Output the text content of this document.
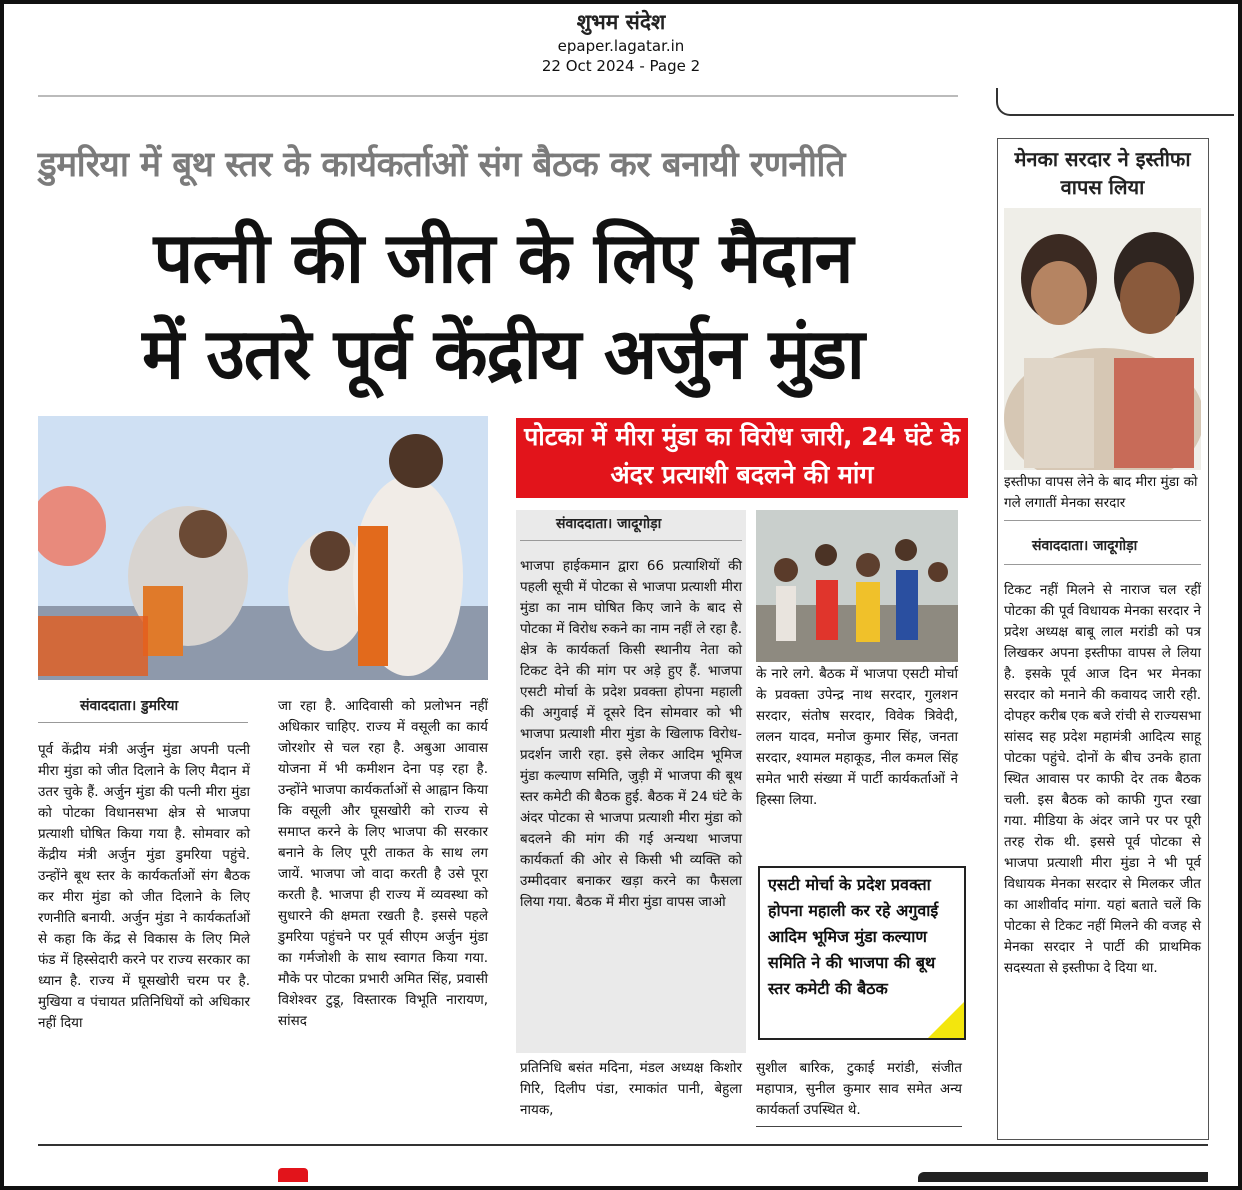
शुभम संदेश
epaper.lagatar.in
22 Oct 2024 - Page 2
डुमरिया में बूथ स्तर के कार्यकर्ताओं संग बैठक कर बनायी रणनीति
पत्नी की जीत के लिए मैदान
में उतरे पूर्व केंद्रीय अर्जुन मुंडा
संवाददाता। डुमरिया
पूर्व केंद्रीय मंत्री अर्जुन मुंडा अपनी पत्नी मीरा मुंडा को जीत दिलाने के लिए मैदान में उतर चुके हैं. अर्जुन मुंडा की पत्नी मीरा मुंडा को पोटका विधानसभा क्षेत्र से भाजपा प्रत्याशी घोषित किया गया है. सोमवार को केंद्रीय मंत्री अर्जुन मुंडा डुमरिया पहुंचे. उन्होंने बूथ स्तर के कार्यकर्ताओं संग बैठक कर मीरा मुंडा को जीत दिलाने के लिए रणनीति बनायी. अर्जुन मुंडा ने कार्यकर्ताओं से कहा कि केंद्र से विकास के लिए मिले फंड में हिस्सेदारी करने पर राज्य सरकार का ध्यान है. राज्य में घूसखोरी चरम पर है. मुखिया व पंचायत प्रतिनिधियों को अधिकार नहीं दिया
जा रहा है. आदिवासी को प्रलोभन नहीं अधिकार चाहिए. राज्य में वसूली का कार्य जोरशोर से चल रहा है. अबुआ आवास योजना में भी कमीशन देना पड़ रहा है. उन्होंने भाजपा कार्यकर्ताओं से आह्वान किया कि वसूली और घूसखोरी को राज्य से समाप्त करने के लिए भाजपा की सरकार बनाने के लिए पूरी ताकत के साथ लग जायें. भाजपा जो वादा करती है उसे पूरा करती है. भाजपा ही राज्य में व्यवस्था को सुधारने की क्षमता रखती है. इससे पहले डुमरिया पहुंचने पर पूर्व सीएम अर्जुन मुंडा का गर्मजोशी के साथ स्वागत किया गया. मौके पर पोटका प्रभारी अमित सिंह, प्रवासी विशेश्वर टुडू, विस्तारक विभूति नारायण, सांसद
पोटका में मीरा मुंडा का विरोध जारी, 24 घंटे के अंदर प्रत्याशी बदलने की मांग
संवाददाता। जादूगोड़ा
भाजपा हाईकमान द्वारा 66 प्रत्याशियों की पहली सूची में पोटका से भाजपा प्रत्याशी मीरा मुंडा का नाम घोषित किए जाने के बाद से पोटका में विरोध रुकने का नाम नहीं ले रहा है. क्षेत्र के कार्यकर्ता किसी स्थानीय नेता को टिकट देने की मांग पर अड़े हुए हैं. भाजपा एसटी मोर्चा के प्रदेश प्रवक्ता होपना महाली की अगुवाई में दूसरे दिन सोमवार को भी भाजपा प्रत्याशी मीरा मुंडा के खिलाफ विरोध-प्रदर्शन जारी रहा. इसे लेकर आदिम भूमिज मुंडा कल्याण समिति, जुड़ी में भाजपा की बूथ स्तर कमेटी की बैठक हुई. बैठक में 24 घंटे के अंदर पोटका से भाजपा प्रत्याशी मीरा मुंडा को बदलने की मांग की गई अन्यथा भाजपा कार्यकर्ता की ओर से किसी भी व्यक्ति को उम्मीदवार बनाकर खड़ा करने का फैसला लिया गया. बैठक में मीरा मुंडा वापस जाओ
के नारे लगे. बैठक में भाजपा एसटी मोर्चा के प्रवक्ता उपेन्द्र नाथ सरदार, गुलशन सरदार, संतोष सरदार, विवेक त्रिवेदी, ललन यादव, मनोज कुमार सिंह, जनता सरदार, श्यामल महाकूड, नील कमल सिंह समेत भारी संख्या में पार्टी कार्यकर्ताओं ने हिस्सा लिया.
एसटी मोर्चा के प्रदेश प्रवक्ता होपना महाली कर रहे अगुवाई आदिम भूमिज मुंडा कल्याण समिति ने की भाजपा की बूथ स्तर कमेटी की बैठक
प्रतिनिधि बसंत मदिना, मंडल अध्यक्ष किशोर गिरि, दिलीप पंडा, रमाकांत पानी, बेहुला नायक,
सुशील बारिक, टुकाई मरांडी, संजीत महापात्र, सुनील कुमार साव समेत अन्य कार्यकर्ता उपस्थित थे.
मेनका सरदार ने इस्तीफा वापस लिया
इस्तीफा वापस लेने के बाद मीरा मुंडा को गले लगातीं मेनका सरदार
संवाददाता। जादूगोड़ा
टिकट नहीं मिलने से नाराज चल रहीं पोटका की पूर्व विधायक मेनका सरदार ने प्रदेश अध्यक्ष बाबू लाल मरांडी को पत्र लिखकर अपना इस्तीफा वापस ले लिया है. इसके पूर्व आज दिन भर मेनका सरदार को मनाने की कवायद जारी रही. दोपहर करीब एक बजे रांची से राज्यसभा सांसद सह प्रदेश महामंत्री आदित्य साहू पोटका पहुंचे. दोनों के बीच उनके हाता स्थित आवास पर काफी देर तक बैठक चली. इस बैठक को काफी गुप्त रखा गया. मीडिया के अंदर जाने पर पर पूरी तरह रोक थी. इससे पूर्व पोटका से भाजपा प्रत्याशी मीरा मुंडा ने भी पूर्व विधायक मेनका सरदार से मिलकर जीत का आशीर्वाद मांगा. यहां बताते चलें कि पोटका से टिकट नहीं मिलने की वजह से मेनका सरदार ने पार्टी की प्राथमिक सदस्यता से इस्तीफा दे दिया था.
